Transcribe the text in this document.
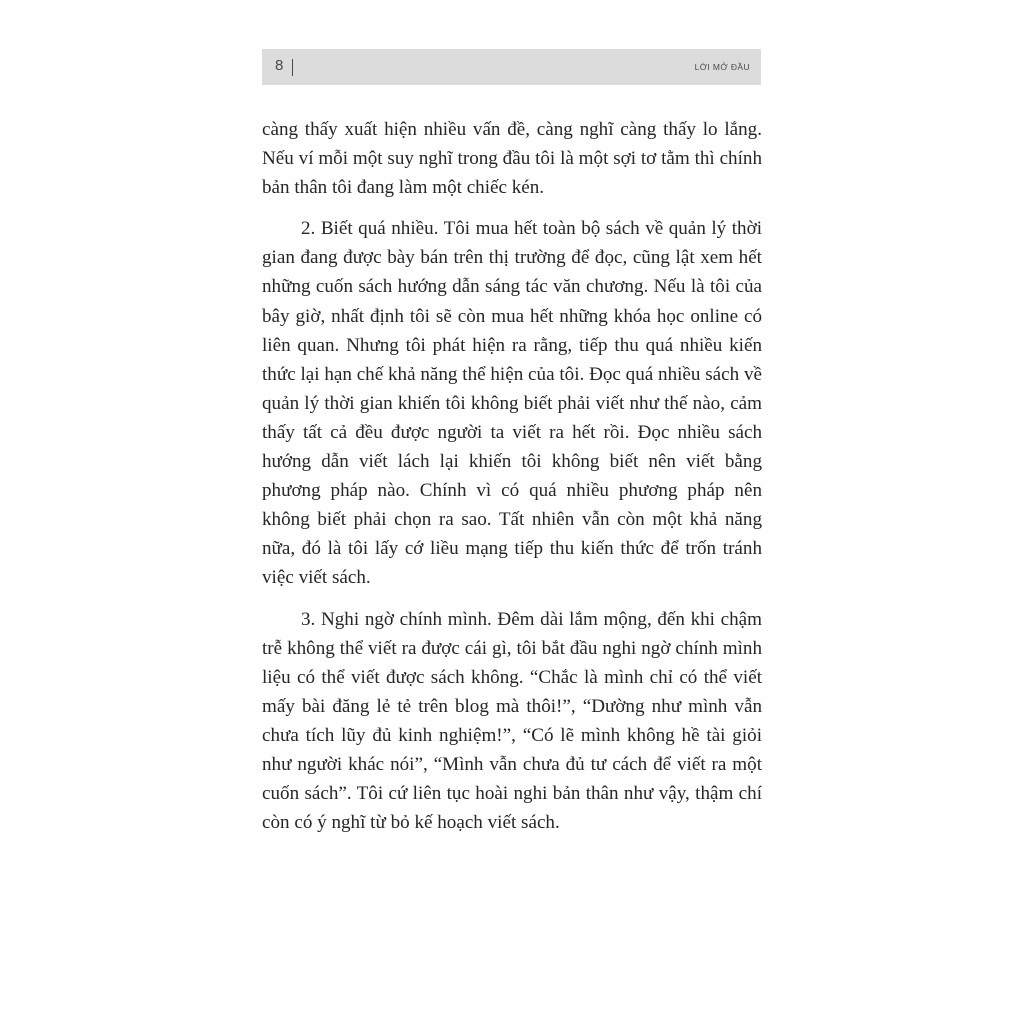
8	LỜI MỞ ĐẦU

càng thấy xuất hiện nhiều vấn đề, càng nghĩ càng thấy lo lắng. Nếu ví mỗi một suy nghĩ trong đầu tôi là một sợi tơ tằm thì chính bản thân tôi đang làm một chiếc kén.

2. Biết quá nhiều. Tôi mua hết toàn bộ sách về quản lý thời gian đang được bày bán trên thị trường để đọc, cũng lật xem hết những cuốn sách hướng dẫn sáng tác văn chương. Nếu là tôi của bây giờ, nhất định tôi sẽ còn mua hết những khóa học online có liên quan. Nhưng tôi phát hiện ra rằng, tiếp thu quá nhiều kiến thức lại hạn chế khả năng thể hiện của tôi. Đọc quá nhiều sách về quản lý thời gian khiến tôi không biết phải viết như thế nào, cảm thấy tất cả đều được người ta viết ra hết rồi. Đọc nhiều sách hướng dẫn viết lách lại khiến tôi không biết nên viết bằng phương pháp nào. Chính vì có quá nhiều phương pháp nên không biết phải chọn ra sao. Tất nhiên vẫn còn một khả năng nữa, đó là tôi lấy cớ liều mạng tiếp thu kiến thức để trốn tránh việc viết sách.

3. Nghi ngờ chính mình. Đêm dài lắm mộng, đến khi chậm trễ không thể viết ra được cái gì, tôi bắt đầu nghi ngờ chính mình liệu có thể viết được sách không. “Chắc là mình chỉ có thể viết mấy bài đăng lẻ tẻ trên blog mà thôi!”, “Dường như mình vẫn chưa tích lũy đủ kinh nghiệm!”, “Có lẽ mình không hề tài giỏi như người khác nói”, “Mình vẫn chưa đủ tư cách để viết ra một cuốn sách”. Tôi cứ liên tục hoài nghi bản thân như vậy, thậm chí còn có ý nghĩ từ bỏ kế hoạch viết sách.
